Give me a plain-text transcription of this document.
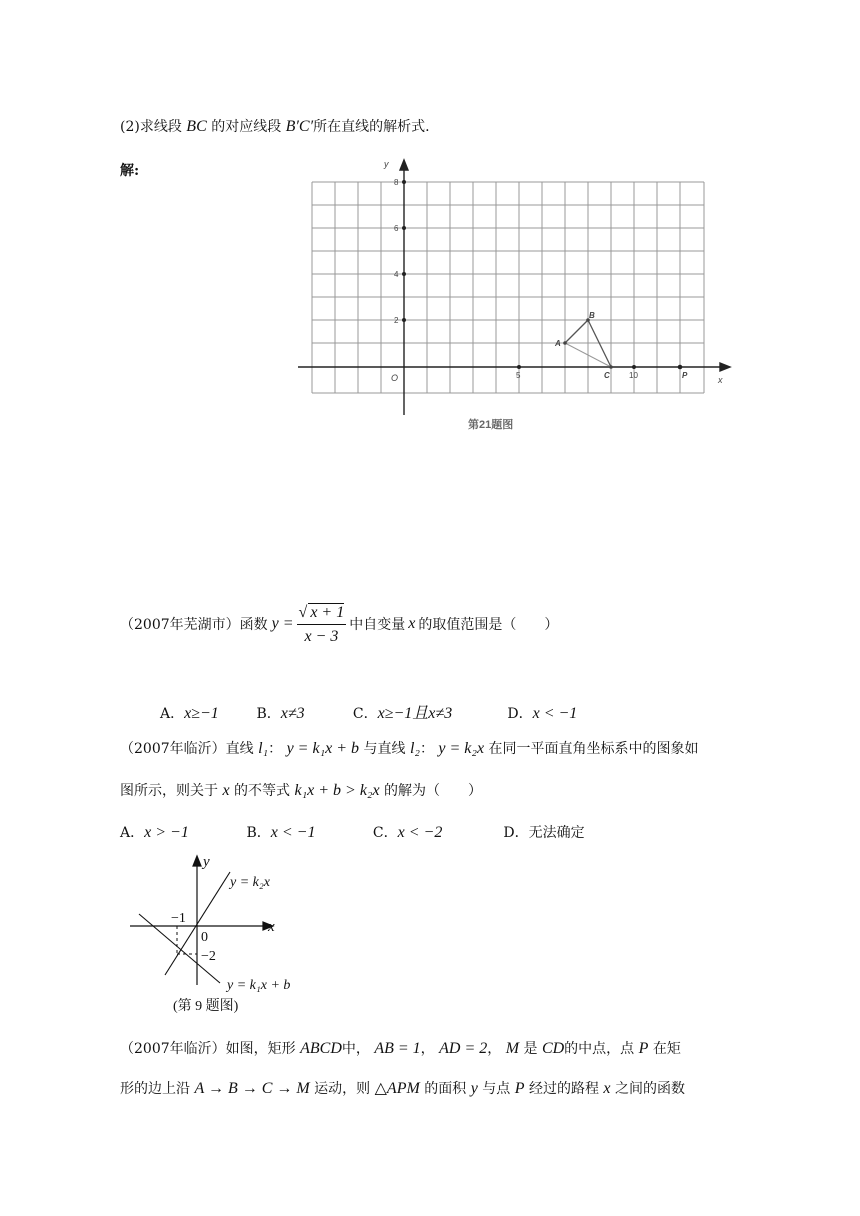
(2)求线段 BC 的对应线段 B′C′所在直线的解析式.
解:	y
x
O
8
6
4
2
5	10
A
B
C	P
第21题图
（2007年芜湖市）函数 $y = \frac{√ x + 1}{x - 3}$ 中自变量 x 的取值范围是（　　）
A．x≥−1	B．x≠3	C．x≥−1且x≠3	D．x < −1
（2007年临沂）直线 l₁： y = k₁x + b 与直线 l₂： y = k₂x 在同一平面直角坐标系中的图象如
图所示，则关于 x 的不等式 k₁x + b > k₂x 的解为（　　）
A．x > −1	B．x < −1	C．x < −2	D．无法确定
y
x
y = k₂x
y = k₁x + b
−1
0
−2
(第 9 题图)
（2007年临沂）如图，矩形 ABCD中， AB = 1， AD = 2， M 是 CD的中点，点 P 在矩
形的边上沿 A → B → C → M 运动，则 △APM 的面积 y 与点 P 经过的路程 x 之间的函数
